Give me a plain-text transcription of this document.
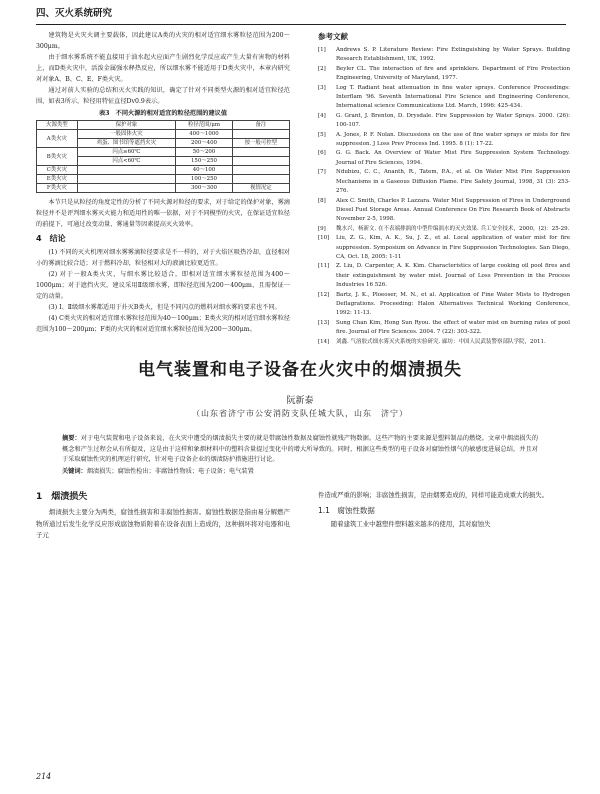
四、灭火系统研究

建筑物是火灾火调主要载体，因此建议A类的火灾的相对适宜细水雾粒径范围为200～300μm。

由于细水雾系统不能直接用于油水起火应面产生剧烈化学反应或产生大量有害物的材料上，而D类火灾中，活泼金属强水释热反应，所以细水雾不能适用于D类火灾中，本章内研究对对象A、B、C、E、F类火灾。

通过对前人实验的总结和灭火实践的知识，确定了针对不同类型火源的相对适宜粒径范围，如表3所示，粒径用特征直径Dv0.9表示。

表3　不同火源的相对适宜的粒径范围的建议值
火源类型	保护对象	粒径范围/μm	备注
A类火灾	一般固体火灾	400～1000	
	鸡蛋、图书馆等遮挡火灾	200～400	按一般可控型
B类火灾	闪点≥60℃	50～200	
	闪点<60℃	150～250	
C类火灾		40～100	
E类火灾		100～250	
F类火灾		300～300	视情况定

本节只是从粒径的角度定性的分析了不同火源对粒径的要求，对于给定的保护对象，雾滴粒径并不是评判细水雾灭火能力和适用性的唯一依据，对于不同模型的火灾，在保证适宜粒径的前提下，可通过改变动量、雾通量等因素提高灭火效率。

4　结论

(1) 不同的灭火机理对细水雾雾滴粒径要求是不一样的，对于火焰区吸热冷却，直径相对小的雾滴比较合适；对于燃料冷却，粒径相对大的液滴比较更适宜。

(2) 对于一般A类火灾，与细水雾比较适合，即相对适宜细水雾粒径范围为400～1000μm；对于遮挡火灾，建议采用Ⅱ级细水雾，即粒径范围为200～400μm，且需保证一定的动量。

(3) Ⅰ、Ⅱ级细水雾都适用于扑灭B类火，但是不同闪点的燃料对细水雾的要求也不同。

(4) C类火灾的相对适宜细水雾粒径范围为40～100μm；E类火灾的相对适宜细水雾粒径范围为100～200μm；F类的火灾的相对适宜细水雾粒径范围为200～300μm。

参考文献
[1]	Andrews S. P. Literature Review: Fire Extinguishing by Water Sprays. Building Research Establishment, UK, 1992.
[2]	Beyler CL. The interaction of fire and sprinklers. Department of Fire Protection Engineering, University of Maryland, 1977.
[3]	Log T. Radiant heat attenuation in fine water sprays. Conference Proceedings: Interflam '96. Seventh International Fire Science and Engineering Conference, International science Communications Ltd. March, 1996: 425-434.
[4]	G. Grant, J. Brenton, D. Drysdale. Fire Suppression by Water Sprays. 2000. (26): 100-107.
[5]	A. Jones, P. F. Nolan. Discussions on the use of fine water sprays or mists for fire suppression. J Loss Prev Process Ind. 1995. 8 (1): 17-22.
[6]	G. G. Back. An Overview of Water Mist Fire Suppression System Technology. Journal of Fire Sciences, 1994.
[7]	Ndubizu, C. C., Ananth, R., Tatem, P.A., et al. On Water Mist Fire Suppression Mechanisms in a Gaseous Diffusion Flame. Fire Safety Journal, 1998, 31 (3): 253-276.
[8]	Alex C. Smith, Charles P. Lazzara. Water Mist Suppression of Fires in Underground Diesel Fuel Storage Areas. Annual Conference On Fire Research Book of Abstracts November 2-5, 1998.
[9]	魏水兴，杨新文. 在不表端排涡的中型件编涡水的灭火效果. 兵工安全技术，2000，(2)：25-29.
[10]	Liu, Z. G., Kim, A. K., Su, J. Z., et al. Local application of water mist for fire suppression. Symposium on Advance in Fire Suppression Technologies. San Diego, CA, Oct. 18, 2005: 1-11
[11]	Z. Liu, D. Carpenter, A. K. Kim. Characteristics of large cooking oil pool fires and their extinguishment by water mist. Journal of Loss Prevention in the Process Industries 16 526.
[12]	Bartz, J. K., Ploeoser, M. N., et al. Application of Fine Water Mists to Hydrogen Deflagrations. Proceeding: Halon Alternatives Technical Working Conference, 1992: 11-13.
[13]	Sung Chan Kim, Hong Sun Ryou. the effect of water mist on burning rates of pool fire. Journal of Fire Sciences. 2004. 7 (22): 303-322.
[14]	刘鑫. 气溶胶式细水雾灭火系统的实验研究. 廊坊：中国人民武装警察部队学院，2011.
电气装置和电子设备在火灾中的烟渍损失
阮新泰
（山东省济宁市公安消防支队任城大队，山东　济宁）
摘要：对于电气装置和电子设备来说，在火灾中遭受的烟渍损失主要的就是带腐蚀性数据及腐蚀性就残产物数据。这些产物的主要来源是塑料制品的燃烧。文章中烟渍损失的概念和产生过程会从有所提及，这是由于这样和象烟材料中的塑料含量提过变化中的增大所导致的。同时，根据这些类型的电子设备对腐蚀性烟气的敏感度进展总结，并且对于采取腐蚀性灾的机理运行研究，针对电子设备企业的烟渍防护措施进行讨论。
关键词：烟渍损失；腐蚀性检出；非腐蚀性物质；电子设备；电气装置
1　烟渍损失

烟渍损失主要分为两类，腐蚀性损害和非腐蚀性损害。腐蚀性数据是指由易分解燃产物所通过后发生化学反应形成腐蚀物质附着在设备表面上造成的，这种损坏将对电器和电子元

件造成严重的影响；非腐蚀性损害，是由烟雾造成的，同样可能造成重大的损失。

1.1　腐蚀性数据

随着建筑工业中越塑件塑料越来越多的使用，其对腐蚀失

214
